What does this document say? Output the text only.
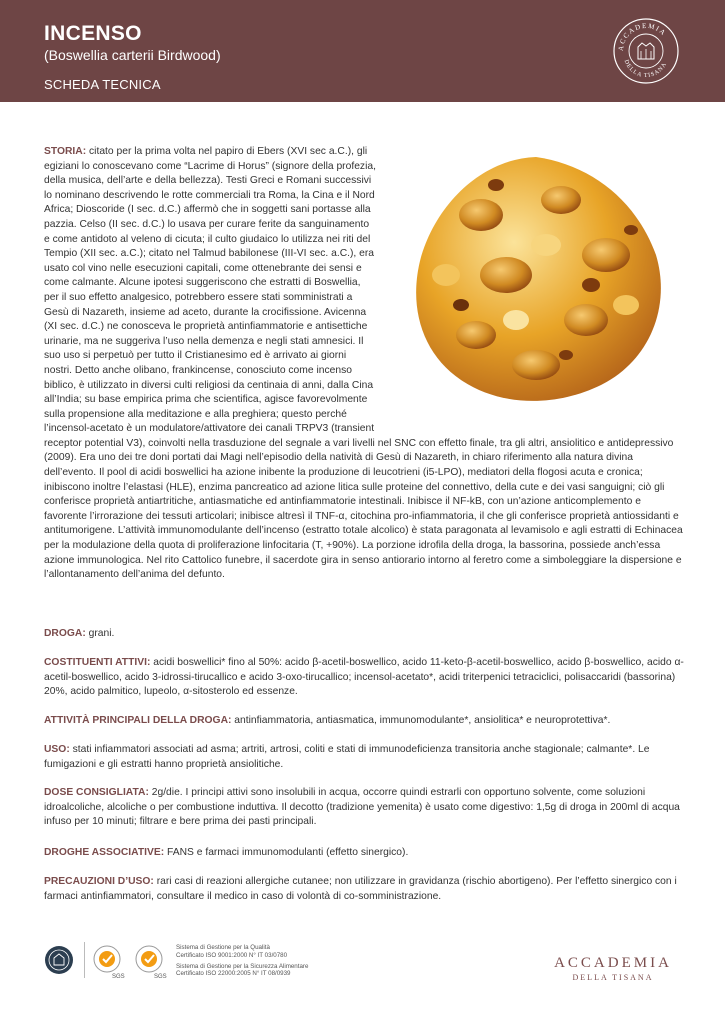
INCENSO
(Boswellia carterii Birdwood)
SCHEDA TECNICA
ACCADEMIA
DELLA TISANA
STORIA: citato per la prima volta nel papiro di Ebers (XVI sec a.C.), gli egiziani lo conoscevano come “Lacrime di Horus” (signore della profezia, della musica, dell’arte e della bellezza). Testi Greci e Romani successivi lo nominano descrivendo le rotte commerciali tra Roma, la Cina e il Nord Africa; Dioscoride (I sec. d.C.) affermò che in soggetti sani portasse alla pazzia. Celso (II sec. d.C.) lo usava per curare ferite da sanguinamento e come antidoto al veleno di cicuta; il culto giudaico lo utilizza nei riti del Tempio (XII sec. a.C.); citato nel Talmud babilonese (III-VI sec. a.C.), era usato col vino nelle esecuzioni capitali, come ottenebrante dei sensi e come calmante. Alcune ipotesi suggeriscono che estratti di Boswellia, per il suo effetto analgesico, potrebbero essere stati somministrati a Gesù di Nazareth, insieme ad aceto, durante la crocifissione. Avicenna (XI sec. d.C.) ne conosceva le proprietà antinfiammatorie e antisettiche urinarie, ma ne suggeriva l’uso nella demenza e negli stati amnesici. Il suo uso si perpetuò per tutto il Cristianesimo ed è arrivato ai giorni nostri. Detto anche olibano, frankincense, conosciuto come incenso biblico, è utilizzato in diversi culti religiosi da centinaia di anni, dalla Cina all’India; su base empirica prima che scientifica, agisce favorevolmente sulla propensione alla meditazione e alla preghiera; questo perché l’incensol-acetato è un modulatore/attivatore dei canali TRPV3 (transient receptor potential V3), coinvolti nella trasduzione del segnale a vari livelli nel SNC con effetto finale, tra gli altri, ansiolitico e antidepressivo (2009). Era uno dei tre doni portati dai Magi nell’episodio della natività di Gesù di Nazareth, in chiaro riferimento alla natura divina dell’evento. Il pool di acidi boswellici ha azione inibente la produzione di leucotrieni (i5-LPO), mediatori della flogosi acuta e cronica; inibiscono inoltre l’elastasi (HLE), enzima pancreatico ad azione litica sulle proteine del connettivo, della cute e dei vasi sanguigni; ciò gli conferisce proprietà antiartritiche, antiasmatiche ed antinfiammatorie intestinali. Inibisce il NF-kB, con un’azione anticomplemento e favorente l’irrorazione dei tessuti articolari; inibisce altresì il TNF-α, citochina pro-infiammatoria, il che gli conferisce proprietà antiossidanti e antitumorigene. L’attività immunomodulante dell’incenso (estratto totale alcolico) è stata paragonata al levamisolo e agli estratti di Echinacea per la modulazione della quota di proliferazione linfocitaria (T, +90%). La porzione idrofila della droga, la bassorina, possiede anch’essa azione immunologica. Nel rito Cattolico funebre, il sacerdote gira in senso antiorario intorno al feretro come a simboleggiare la dispersione e l’allontanamento dell’anima del defunto.
DROGA: grani.
COSTITUENTI ATTIVI: acidi boswellici* fino al 50%: acido β-acetil-boswellico, acido 11-keto-β-acetil-boswellico, acido β-boswellico, acido α-acetil-boswellico, acido 3-idrossi-tirucallico e acido 3-oxo-tirucallico; incensol-acetato*, acidi triterpenici tetraciclici, polisaccaridi (bassorina) 20%, acido palmitico, lupeolo, α-sitosterolo ed essenze.
ATTIVITÀ PRINCIPALI DELLA DROGA: antinfiammatoria, antiasmatica, immunomodulante*, ansiolitica* e neuroprotettiva*.
USO: stati infiammatori associati ad asma; artriti, artrosi, coliti e stati di immunodeficienza transitoria anche stagionale; calmante*. Le fumigazioni e gli estratti hanno proprietà ansiolitiche.
DOSE CONSIGLIATA: 2g/die. I principi attivi sono insolubili in acqua, occorre quindi estrarli con opportuno solvente, come soluzioni idroalcoliche, alcoliche o per combustione induttiva. Il decotto (tradizione yemenita) è usato come digestivo: 1,5g di droga in 200ml di acqua infuso per 10 minuti; filtrare e bere prima dei pasti principali.
DROGHE ASSOCIATIVE: FANS e farmaci immunomodulanti (effetto sinergico).
PRECAUZIONI D’USO: rari casi di reazioni allergiche cutanee; non utilizzare in gravidanza (rischio abortigeno). Per l’effetto sinergico con i farmaci antinfiammatori, consultare il medico in caso di volontà di co-somministrazione.
SGS	SGS
Sistema di Gestione per la Qualità
Certificato ISO 9001:2000 N° IT 03/0780
Sistema di Gestione per la Sicurezza Alimentare
Certificato ISO 22000:2005 N° IT 08/0939
ACCADEMIA
DELLA TISANA
